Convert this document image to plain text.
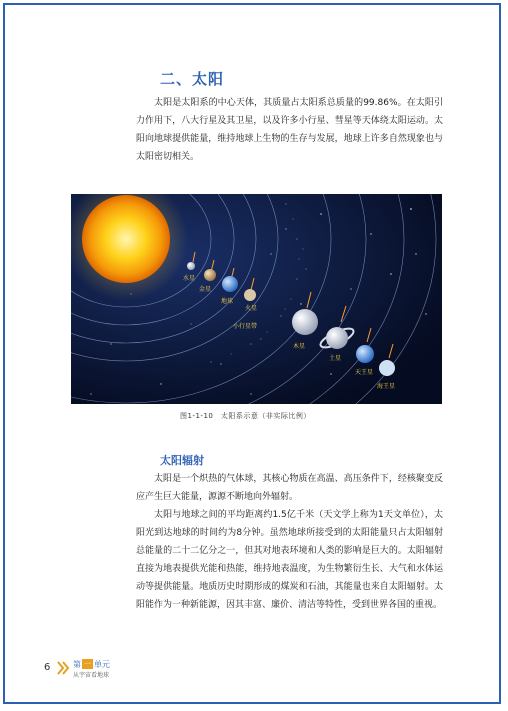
二、太阳

太阳是太阳系的中心天体，其质量占太阳系总质量的99.86%。在太阳引力作用下，八大行星及其卫星，以及许多小行星、彗星等天体绕太阳运动。太阳向地球提供能量，维持地球上生物的生存与发展，地球上许多自然现象也与太阳密切相关。

水星
金星
地球
火星
小行星带
木星
土星
天王星
海王星
图1-1-10　太阳系示意（非实际比例）
太阳辐射

太阳是一个炽热的气体球，其核心物质在高温、高压条件下，经核聚变反应产生巨大能量，源源不断地向外辐射。

太阳与地球之间的平均距离约1.5亿千米（天文学上称为1天文单位），太阳光到达地球的时间约为8分钟。虽然地球所接受到的太阳能量只占太阳辐射总能量的二十二亿分之一，但其对地表环境和人类的影响是巨大的。太阳辐射直接为地表提供光能和热能，维持地表温度，为生物繁衍生长、大气和水体运动等提供能量。地质历史时期形成的煤炭和石油，其能量也来自太阳辐射。太阳能作为一种新能源，因其丰富、廉价、清洁等特性，受到世界各国的重视。

6	第 一 单元
从宇宙看地球
